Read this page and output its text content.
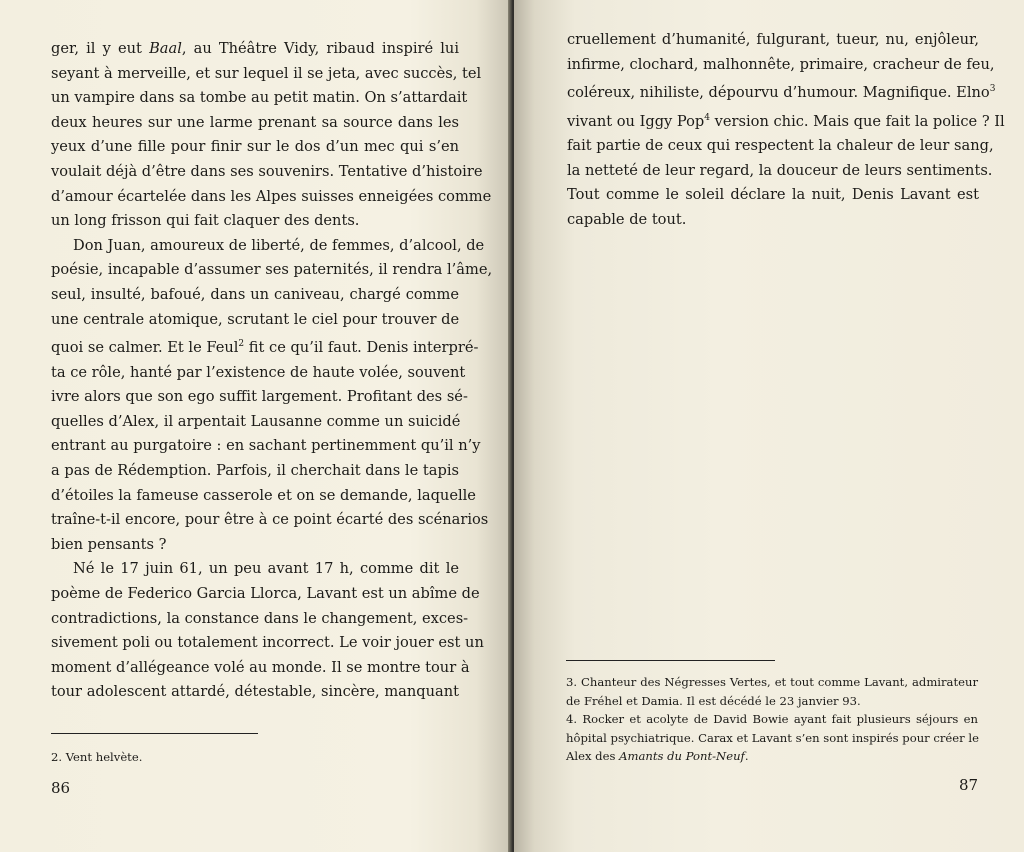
ger, il y eut Baal, au Théâtre Vidy, ribaud inspiré lui
seyant à merveille, et sur lequel il se jeta, avec succès, tel
un vampire dans sa tombe au petit matin. On s’attardait
deux heures sur une larme prenant sa source dans les
yeux d’une fille pour finir sur le dos d’un mec qui s’en
voulait déjà d’être dans ses souvenirs. Tentative d’histoire
d’amour écartelée dans les Alpes suisses enneigées comme
un long frisson qui fait claquer des dents.
Don Juan, amoureux de liberté, de femmes, d’alcool, de
poésie, incapable d’assumer ses paternités, il rendra l’âme,
seul, insulté, bafoué, dans un caniveau, chargé comme
une centrale atomique, scrutant le ciel pour trouver de
quoi se calmer. Et le Feul$^2$ fit ce qu’il faut. Denis interpré-
ta ce rôle, hanté par l’existence de haute volée, souvent
ivre alors que son ego suffit largement. Profitant des sé-
quelles d’Alex, il arpentait Lausanne comme un suicidé
entrant au purgatoire : en sachant pertinemment qu’il n’y
a pas de Rédemption. Parfois, il cherchait dans le tapis
d’étoiles la fameuse casserole et on se demande, laquelle
traîne-t-il encore, pour être à ce point écarté des scénarios
bien pensants ?
Né le 17 juin 61, un peu avant 17 h, comme dit le
poème de Federico Garcia Llorca, Lavant est un abîme de
contradictions, la constance dans le changement, exces-
sivement poli ou totalement incorrect. Le voir jouer est un
moment d’allégeance volé au monde. Il se montre tour à
tour adolescent attardé, détestable, sincère, manquant
2. Vent helvète.
86
cruellement d’humanité, fulgurant, tueur, nu, enjôleur,
infirme, clochard, malhonnête, primaire, cracheur de feu,
coléreux, nihiliste, dépourvu d’humour. Magnifique. Elno$^3$
vivant ou Iggy Pop$^4$ version chic. Mais que fait la police ? Il
fait partie de ceux qui respectent la chaleur de leur sang,
la netteté de leur regard, la douceur de leurs sentiments.
Tout comme le soleil déclare la nuit, Denis Lavant est
capable de tout.
3. Chanteur des Négresses Vertes, et tout comme Lavant, admirateur
de Fréhel et Damia. Il est décédé le 23 janvier 93.
4. Rocker et acolyte de David Bowie ayant fait plusieurs séjours en
hôpital psychiatrique. Carax et Lavant s’en sont inspirés pour créer le
Alex des Amants du Pont-Neuf.
87
